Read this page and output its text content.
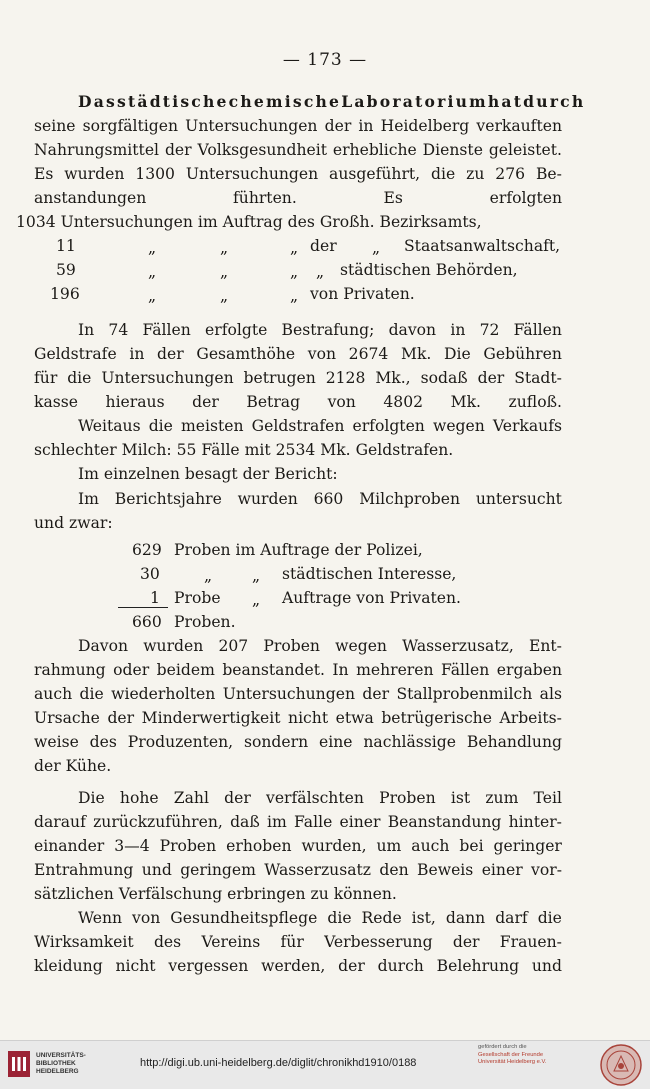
— 173 —
Das städtische chemische Laboratorium hat durch
seine sorgfältigen Untersuchungen der in Heidelberg verkauften
Nahrungsmittel der Volksgesundheit erhebliche Dienste geleistet.
Es wurden 1300 Untersuchungen ausgeführt, die zu 276 Be-
anstandungen	führten.	Es	erfolgten
In 74 Fällen erfolgte Bestrafung; davon in 72 Fällen
Geldstrafe in der Gesamthöhe von 2674 Mk. Die Gebühren
für die Untersuchungen betrugen 2128 Mk., sodaß der Stadt-
kasse hieraus der Betrag von 4802 Mk. zufloß.
Weitaus die meisten Geldstrafen erfolgten wegen Verkaufs
schlechter Milch: 55 Fälle mit 2534 Mk. Geldstrafen.
Im einzelnen besagt der Bericht:
Im Berichtsjahre wurden 660 Milchproben untersucht
und zwar:
Davon wurden 207 Proben wegen Wasserzusatz, Ent-
rahmung oder beidem beanstandet. In mehreren Fällen ergaben
auch die wiederholten Untersuchungen der Stallprobenmilch als
Ursache der Minderwertigkeit nicht etwa betrügerische Arbeits-
weise des Produzenten, sondern eine nachlässige Behandlung
der Kühe.
Die hohe Zahl der verfälschten Proben ist zum Teil
darauf zurückzuführen, daß im Falle einer Beanstandung hinter-
einander 3—4 Proben erhoben wurden, um auch bei geringer
Entrahmung und geringem Wasserzusatz den Beweis einer vor-
sätzlichen Verfälschung erbringen zu können.
Wenn von Gesundheitspflege die Rede ist, dann darf die
Wirksamkeit des Vereins für Verbesserung der Frauen-
kleidung nicht vergessen werden, der durch Belehrung und
1034 Untersuchungen im Auftrag des Großh. Bezirksamts,
11	„	„	„ der „ Staatsanwaltschaft,
59	„	„	„ „ städtischen Behörden,
196	„	„	„ von Privaten.
629 Proben im Auftrage der Polizei,
30	„	„ städtischen Interesse,
1 Probe „ Auftrage von Privaten.
660 Proben.
UNIVERSITÄTS-
BIBLIOTHEK
HEIDELBERG
http://digi.ub.uni-heidelberg.de/diglit/chronikhd1910/0188
gefördert durch die
Gesellschaft der Freunde
Universität Heidelberg e.V.
